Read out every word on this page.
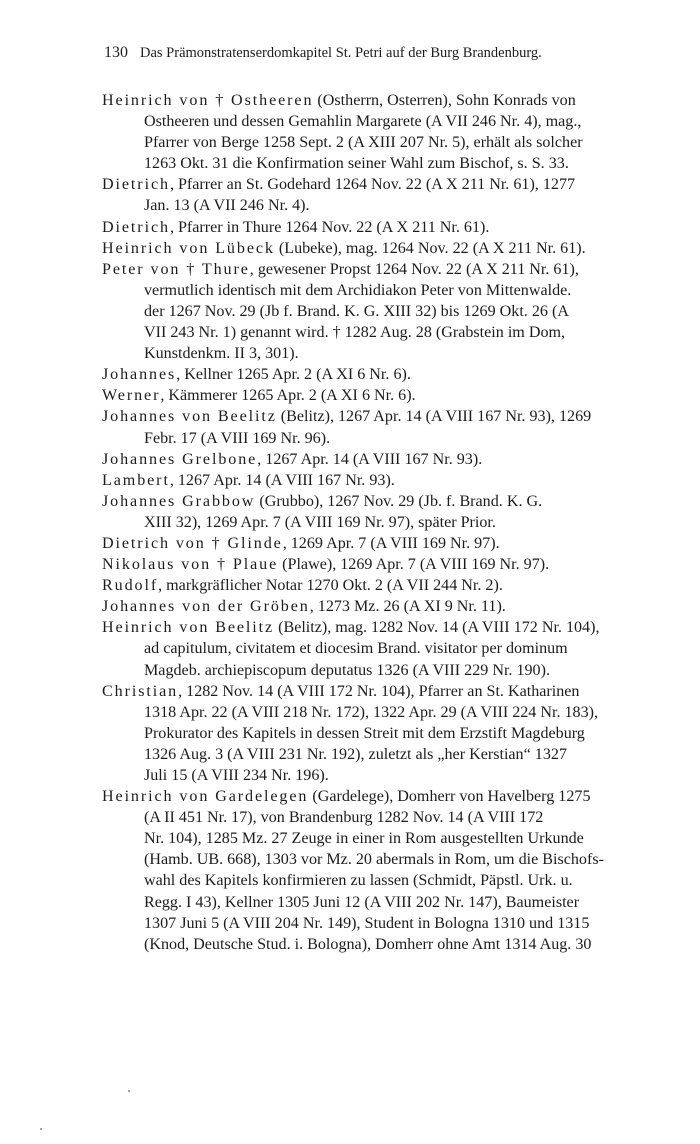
130 Das Prämonstratenserdomkapitel St. Petri auf der Burg Brandenburg.
Heinrich von † Ostheeren (Ostherrn, Osterren), Sohn Konrads von
Ostheeren und dessen Gemahlin Margarete (A VII 246 Nr. 4), mag.,
Pfarrer von Berge 1258 Sept. 2 (A XIII 207 Nr. 5), erhält als solcher
1263 Okt. 31 die Konfirmation seiner Wahl zum Bischof, s. S. 33.
Dietrich, Pfarrer an St. Godehard 1264 Nov. 22 (A X 211 Nr. 61), 1277
Jan. 13 (A VII 246 Nr. 4).
Dietrich, Pfarrer in Thure 1264 Nov. 22 (A X 211 Nr. 61).
Heinrich von Lübeck (Lubeke), mag. 1264 Nov. 22 (A X 211 Nr. 61).
Peter von † Thure, gewesener Propst 1264 Nov. 22 (A X 211 Nr. 61),
vermutlich identisch mit dem Archidiakon Peter von Mittenwalde.
der 1267 Nov. 29 (Jb f. Brand. K. G. XIII 32) bis 1269 Okt. 26 (A
VII 243 Nr. 1) genannt wird. † 1282 Aug. 28 (Grabstein im Dom,
Kunstdenkm. II 3, 301).
Johannes, Kellner 1265 Apr. 2 (A XI 6 Nr. 6).
Werner, Kämmerer 1265 Apr. 2 (A XI 6 Nr. 6).
Johannes von Beelitz (Belitz), 1267 Apr. 14 (A VIII 167 Nr. 93), 1269
Febr. 17 (A VIII 169 Nr. 96).
Johannes Grelbone, 1267 Apr. 14 (A VIII 167 Nr. 93).
Lambert, 1267 Apr. 14 (A VIII 167 Nr. 93).
Johannes Grabbow (Grubbo), 1267 Nov. 29 (Jb. f. Brand. K. G.
XIII 32), 1269 Apr. 7 (A VIII 169 Nr. 97), später Prior.
Dietrich von † Glinde, 1269 Apr. 7 (A VIII 169 Nr. 97).
Nikolaus von † Plaue (Plawe), 1269 Apr. 7 (A VIII 169 Nr. 97).
Rudolf, markgräflicher Notar 1270 Okt. 2 (A VII 244 Nr. 2).
Johannes von der Gröben, 1273 Mz. 26 (A XI 9 Nr. 11).
Heinrich von Beelitz (Belitz), mag. 1282 Nov. 14 (A VIII 172 Nr. 104),
ad capitulum, civitatem et diocesim Brand. visitator per dominum
Magdeb. archiepiscopum deputatus 1326 (A VIII 229 Nr. 190).
Christian, 1282 Nov. 14 (A VIII 172 Nr. 104), Pfarrer an St. Katharinen
1318 Apr. 22 (A VIII 218 Nr. 172), 1322 Apr. 29 (A VIII 224 Nr. 183),
Prokurator des Kapitels in dessen Streit mit dem Erzstift Magdeburg
1326 Aug. 3 (A VIII 231 Nr. 192), zuletzt als „her Kerstian“ 1327
Juli 15 (A VIII 234 Nr. 196).
Heinrich von Gardelegen (Gardelege), Domherr von Havelberg 1275
(A II 451 Nr. 17), von Brandenburg 1282 Nov. 14 (A VIII 172
Nr. 104), 1285 Mz. 27 Zeuge in einer in Rom ausgestellten Urkunde
(Hamb. UB. 668), 1303 vor Mz. 20 abermals in Rom, um die Bischofs-
wahl des Kapitels konfirmieren zu lassen (Schmidt, Päpstl. Urk. u.
Regg. I 43), Kellner 1305 Juni 12 (A VIII 202 Nr. 147), Baumeister
1307 Juni 5 (A VIII 204 Nr. 149), Student in Bologna 1310 und 1315
(Knod, Deutsche Stud. i. Bologna), Domherr ohne Amt 1314 Aug. 30
